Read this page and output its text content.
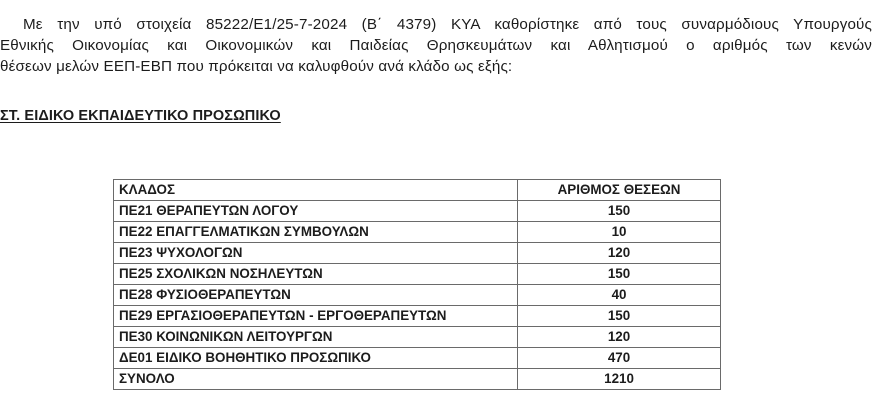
Με την υπό στοιχεία 85222/Ε1/25-7-2024 (Β΄ 4379) ΚΥΑ καθορίστηκε από τους συναρμόδιους Υπουργούς
Εθνικής Οικονομίας και Οικονομικών και Παιδείας Θρησκευμάτων και Αθλητισμού ο αριθμός των κενών
θέσεων μελών ΕΕΠ-ΕΒΠ που πρόκειται να καλυφθούν ανά κλάδο ως εξής:
ΣΤ. ΕΙΔΙΚΟ ΕΚΠΑΙΔΕΥΤΙΚΟ ΠΡΟΣΩΠΙΚΟ
ΚΛΑΔΟΣ	ΑΡΙΘΜΟΣ ΘΕΣΕΩΝ
ΠΕ21 ΘΕΡΑΠΕΥΤΩΝ ΛΟΓΟΥ	150
ΠΕ22 ΕΠΑΓΓΕΛΜΑΤΙΚΩΝ ΣΥΜΒΟΥΛΩΝ	10
ΠΕ23 ΨΥΧΟΛΟΓΩΝ	120
ΠΕ25 ΣΧΟΛΙΚΩΝ ΝΟΣΗΛΕΥΤΩΝ	150
ΠΕ28 ΦΥΣΙΟΘΕΡΑΠΕΥΤΩΝ	40
ΠΕ29 ΕΡΓΑΣΙΟΘΕΡΑΠΕΥΤΩΝ - ΕΡΓΟΘΕΡΑΠΕΥΤΩΝ	150
ΠΕ30 ΚΟΙΝΩΝΙΚΩΝ ΛΕΙΤΟΥΡΓΩΝ	120
ΔΕ01 ΕΙΔΙΚΟ ΒΟΗΘΗΤΙΚΟ ΠΡΟΣΩΠΙΚΟ	470
ΣΥΝΟΛΟ	1210
